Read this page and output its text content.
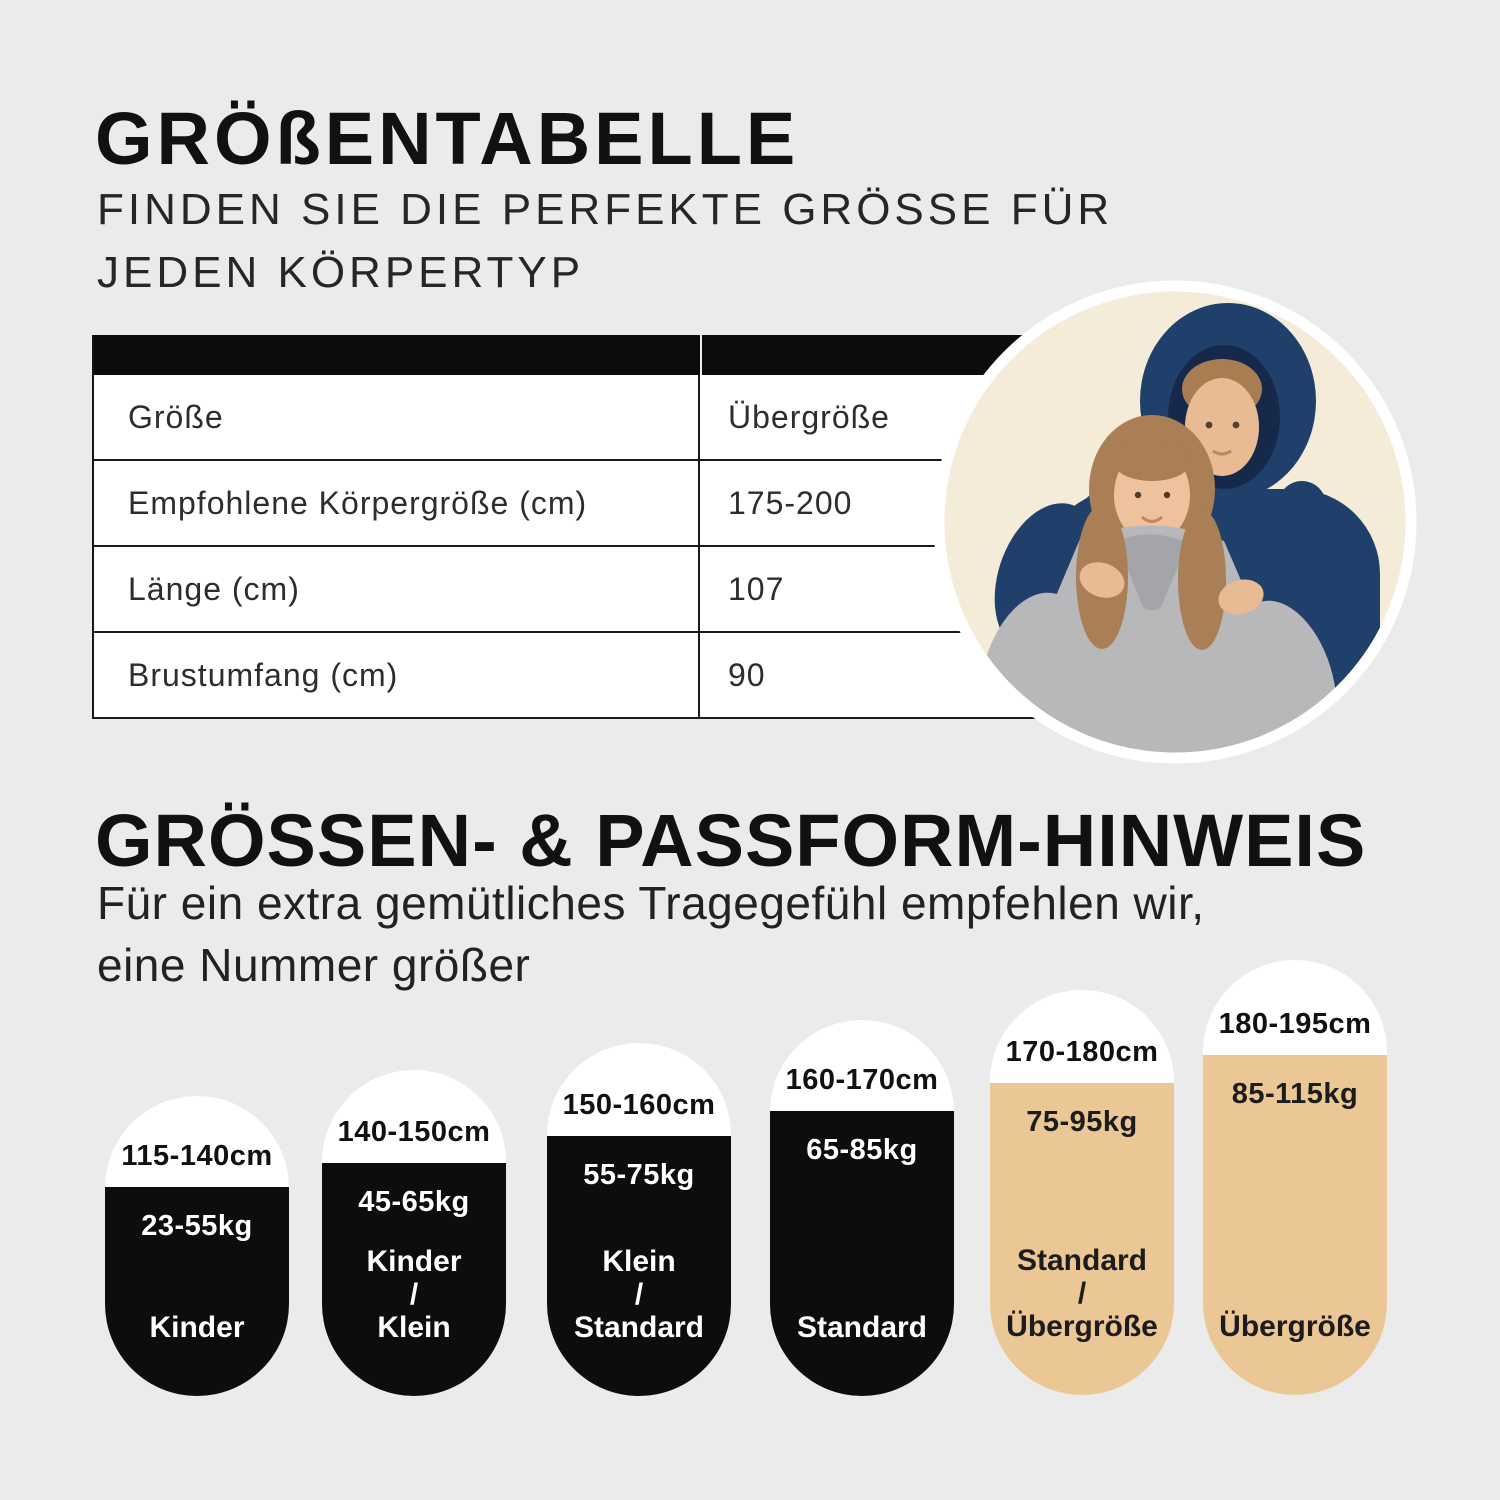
GRÖßENTABELLE
FINDEN SIE DIE PERFEKTE GRÖSSE FÜR
JEDEN KÖRPERTYP
Größe	Übergröße
Empfohlene Körpergröße (cm)	175-200
Länge (cm)	107
Brustumfang (cm)	90
GRÖSSEN- & PASSFORM-HINWEIS
Für ein extra gemütliches Tragegefühl empfehlen wir,
eine Nummer größer
115-140cm
23-55kg
Kinder
140-150cm
45-65kg
Kinder
/
Klein
150-160cm
55-75kg
Klein
/
Standard
160-170cm
65-85kg
Standard
170-180cm
75-95kg
Standard
/
Übergröße
180-195cm
85-115kg
Übergröße
